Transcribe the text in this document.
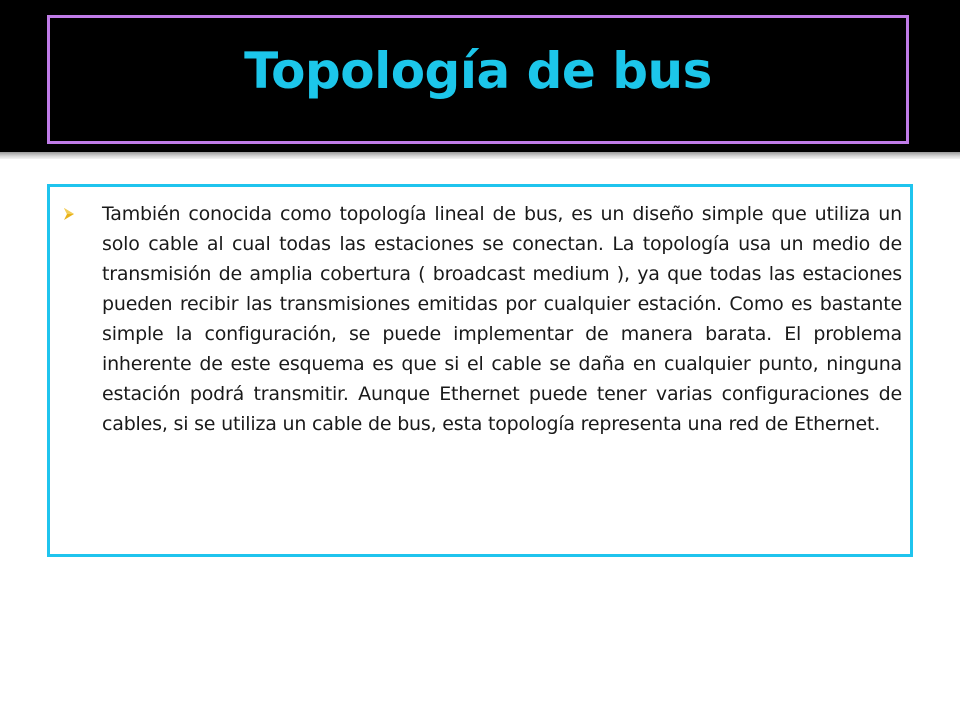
Topología de bus
También conocida como topología lineal de bus, es un diseño simple que utiliza un solo cable al cual todas las estaciones se conectan. La topología usa un medio de transmisión de amplia cobertura ( broadcast medium ), ya que todas las estaciones pueden recibir las transmisiones emitidas por cualquier estación. Como es bastante simple la configuración, se puede implementar de manera barata. El problema inherente de este esquema es que si el cable se daña en cualquier punto, ninguna estación podrá transmitir. Aunque Ethernet puede tener varias configuraciones de cables, si se utiliza un cable de bus, esta topología representa una red de Ethernet.
